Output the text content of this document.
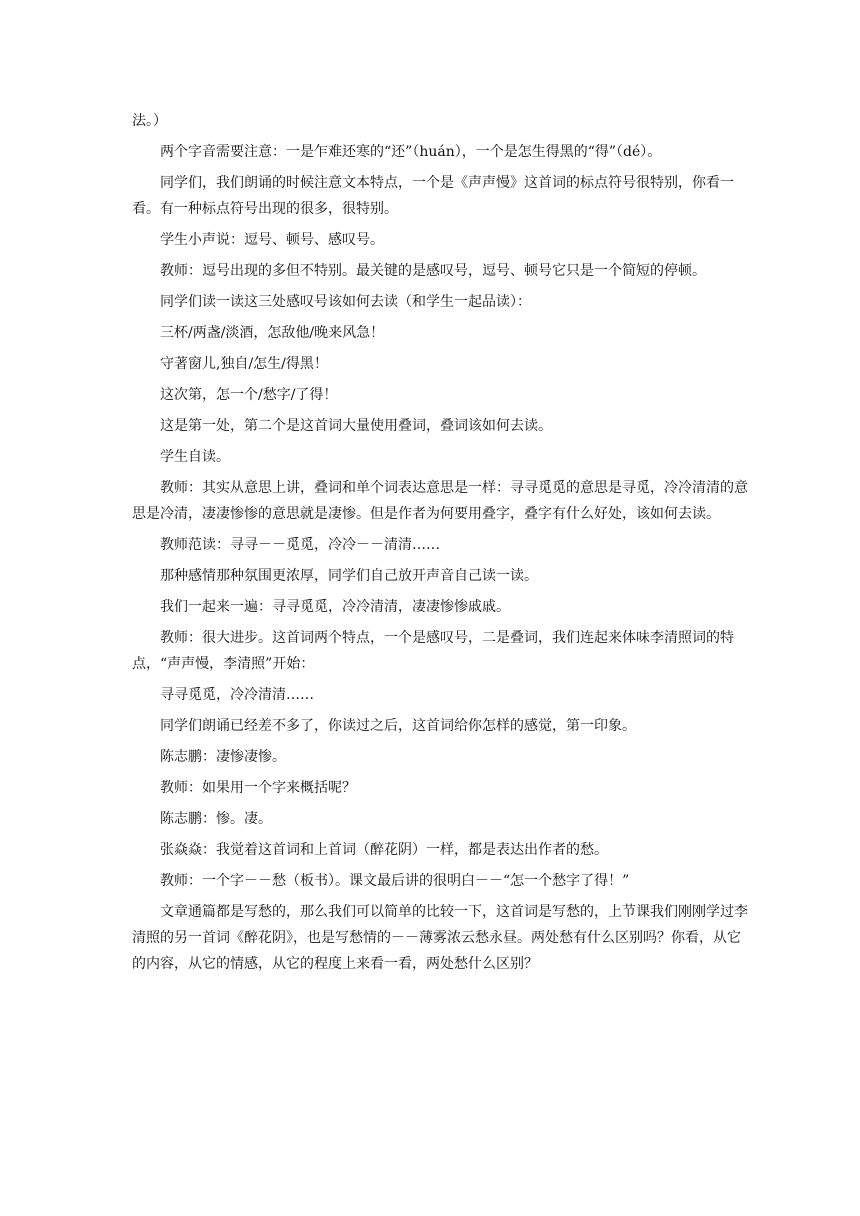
法。）

两个字音需要注意：一是乍难还寒的“还”（huán），一个是怎生得黑的“得”（dé）。

同学们，我们朗诵的时候注意文本特点，一个是《声声慢》这首词的标点符号很特别，你看一看。有一种标点符号出现的很多，很特别。

学生小声说：逗号、顿号、感叹号。

教师：逗号出现的多但不特别。最关键的是感叹号，逗号、顿号它只是一个简短的停顿。

同学们读一读这三处感叹号该如何去读（和学生一起品读）：

三杯/两盏/淡酒，怎敌他/晚来风急！

守著窗儿,独自/怎生/得黑！

这次第，怎一个/愁字/了得！

这是第一处，第二个是这首词大量使用叠词，叠词该如何去读。

学生自读。

教师：其实从意思上讲，叠词和单个词表达意思是一样：寻寻觅觅的意思是寻觅，冷冷清清的意思是冷清，凄凄惨惨的意思就是凄惨。但是作者为何要用叠字，叠字有什么好处，该如何去读。

教师范读：寻寻－－觅觅，冷冷－－清清……

那种感情那种氛围更浓厚，同学们自己放开声音自己读一读。

我们一起来一遍：寻寻觅觅，冷冷清清，凄凄惨惨戚戚。

教师：很大进步。这首词两个特点，一个是感叹号，二是叠词，我们连起来体味李清照词的特点，“声声慢，李清照”开始：

寻寻觅觅，冷冷清清……

同学们朗诵已经差不多了，你读过之后，这首词给你怎样的感觉，第一印象。

陈志鹏：凄惨凄惨。

教师：如果用一个字来概括呢？

陈志鹏：惨。凄。

张焱焱：我觉着这首词和上首词（醉花阴）一样，都是表达出作者的愁。

教师：一个字－－愁（板书）。课文最后讲的很明白－－“怎一个愁字了得！”

文章通篇都是写愁的，那么我们可以简单的比较一下，这首词是写愁的，上节课我们刚刚学过李清照的另一首词《醉花阴》，也是写愁情的－－薄雾浓云愁永昼。两处愁有什么区别吗？你看，从它的内容，从它的情感，从它的程度上来看一看，两处愁什么区别？
